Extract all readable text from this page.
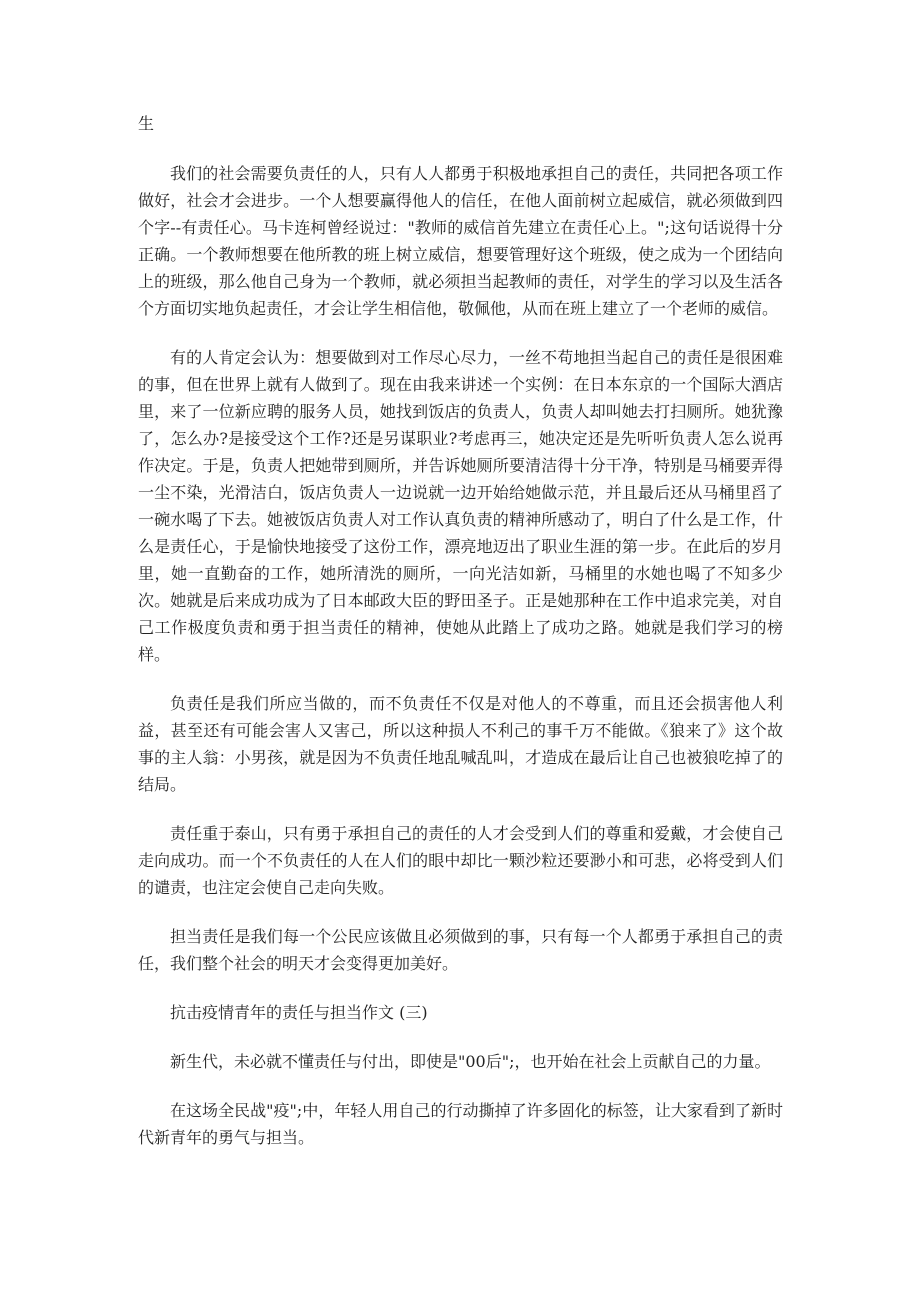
生

我们的社会需要负责任的人，只有人人都勇于积极地承担自己的责任，共同把各项工作做好，社会才会进步。一个人想要赢得他人的信任，在他人面前树立起威信，就必须做到四个字--有责任心。马卡连柯曾经说过："教师的威信首先建立在责任心上。";这句话说得十分正确。一个教师想要在他所教的班上树立威信，想要管理好这个班级，使之成为一个团结向上的班级，那么他自己身为一个教师，就必须担当起教师的责任，对学生的学习以及生活各个方面切实地负起责任，才会让学生相信他，敬佩他，从而在班上建立了一个老师的威信。

有的人肯定会认为：想要做到对工作尽心尽力，一丝不苟地担当起自己的责任是很困难的事，但在世界上就有人做到了。现在由我来讲述一个实例：在日本东京的一个国际大酒店里，来了一位新应聘的服务人员，她找到饭店的负责人，负责人却叫她去打扫厕所。她犹豫了，怎么办?是接受这个工作?还是另谋职业?考虑再三，她决定还是先听听负责人怎么说再作决定。于是，负责人把她带到厕所，并告诉她厕所要清洁得十分干净，特别是马桶要弄得一尘不染，光滑洁白，饭店负责人一边说就一边开始给她做示范，并且最后还从马桶里舀了一碗水喝了下去。她被饭店负责人对工作认真负责的精神所感动了，明白了什么是工作，什么是责任心，于是愉快地接受了这份工作，漂亮地迈出了职业生涯的第一步。在此后的岁月里，她一直勤奋的工作，她所清洗的厕所，一向光洁如新，马桶里的水她也喝了不知多少次。她就是后来成功成为了日本邮政大臣的野田圣子。正是她那种在工作中追求完美，对自己工作极度负责和勇于担当责任的精神，使她从此踏上了成功之路。她就是我们学习的榜样。

负责任是我们所应当做的，而不负责任不仅是对他人的不尊重，而且还会损害他人利益，甚至还有可能会害人又害己，所以这种损人不利己的事千万不能做。《狼来了》这个故事的主人翁：小男孩，就是因为不负责任地乱喊乱叫，才造成在最后让自己也被狼吃掉了的结局。

责任重于泰山，只有勇于承担自己的责任的人才会受到人们的尊重和爱戴，才会使自己走向成功。而一个不负责任的人在人们的眼中却比一颗沙粒还要渺小和可悲，必将受到人们的谴责，也注定会使自己走向失败。

担当责任是我们每一个公民应该做且必须做到的事，只有每一个人都勇于承担自己的责任，我们整个社会的明天才会变得更加美好。

抗击疫情青年的责任与担当作文 (三)

新生代，未必就不懂责任与付出，即使是"00后";，也开始在社会上贡献自己的力量。

在这场全民战"疫";中，年轻人用自己的行动撕掉了许多固化的标签，让大家看到了新时代新青年的勇气与担当。
